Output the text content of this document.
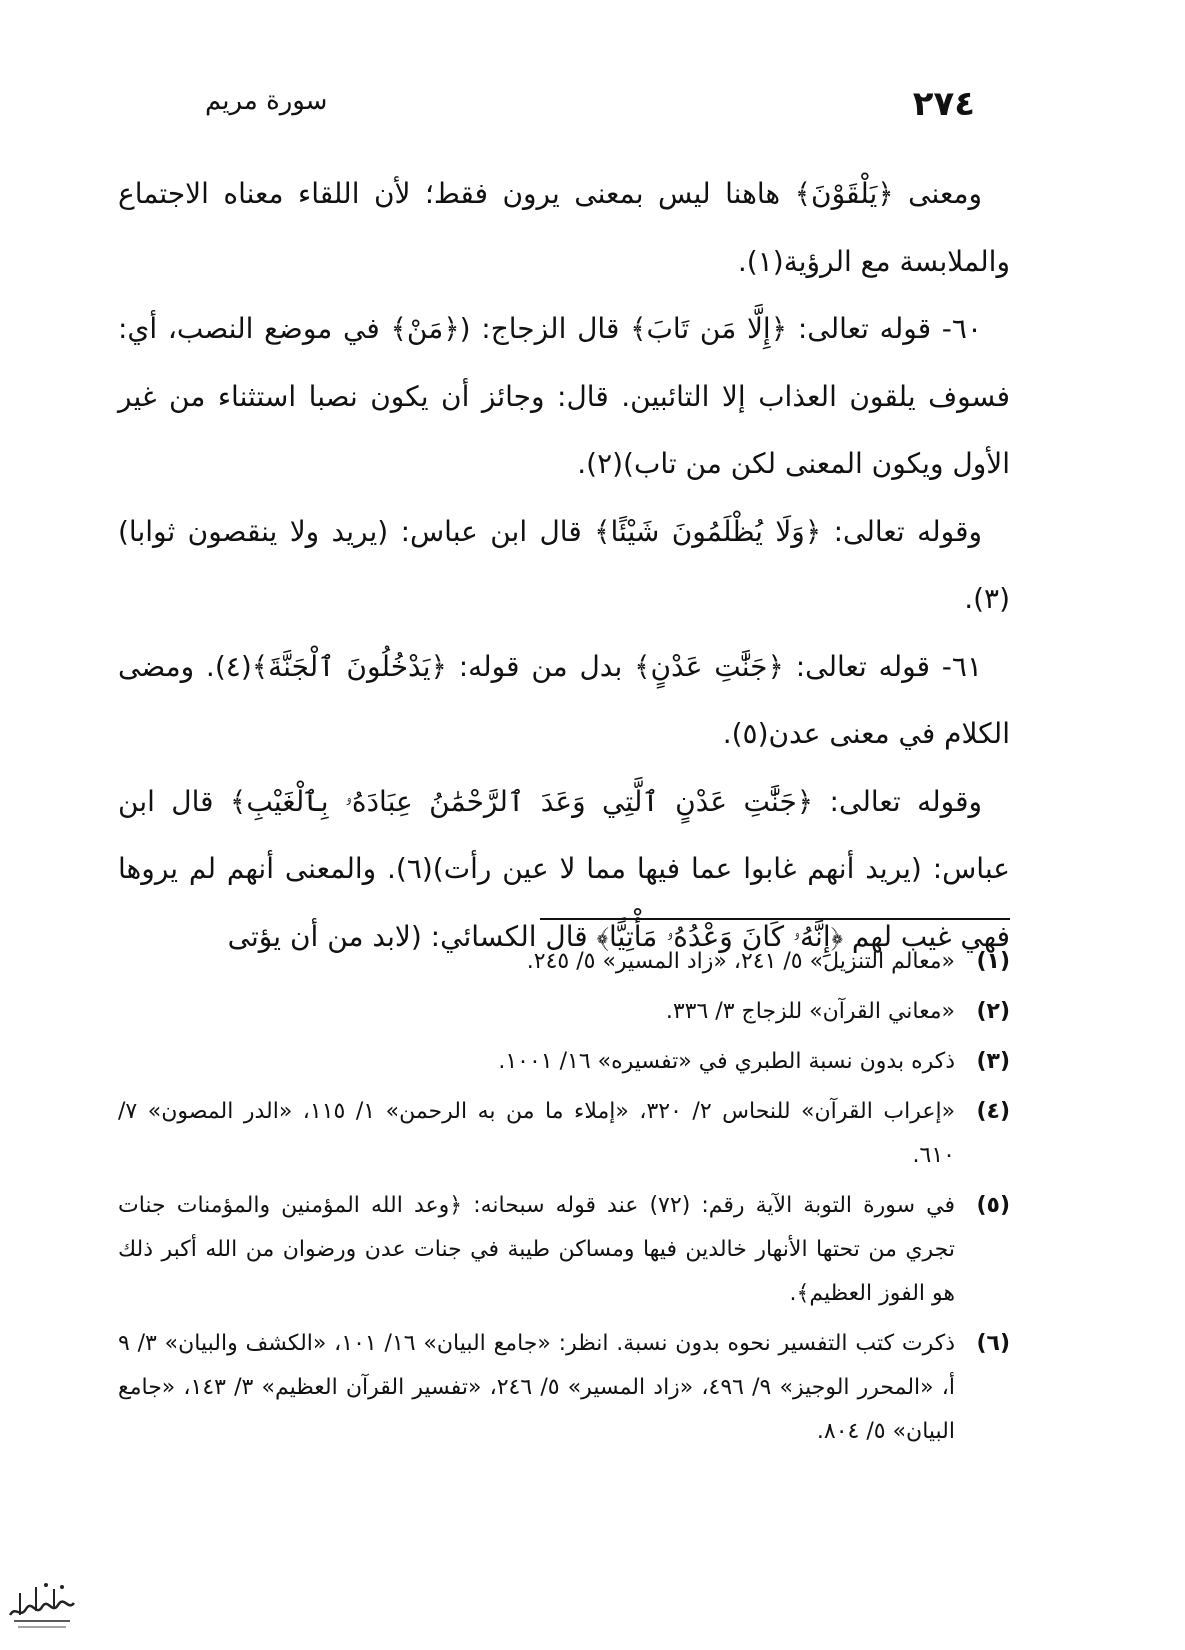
٢٧٤
سورة مريم

ومعنى ﴿يَلْقَوْنَ﴾ هاهنا ليس بمعنى يرون فقط؛ لأن اللقاء معناه الاجتماع والملابسة مع الرؤية(١).

٦٠- قوله تعالى: ﴿إِلَّا مَن تَابَ﴾ قال الزجاج: (﴿مَنْ﴾ في موضع النصب، أي: فسوف يلقون العذاب إلا التائبين. قال: وجائز أن يكون نصبا استثناء من غير الأول ويكون المعنى لكن من تاب)(٢).

وقوله تعالى: ﴿وَلَا يُظْلَمُونَ شَيْئًا﴾ قال ابن عباس: (يريد ولا ينقصون ثوابا)(٣).

٦١- قوله تعالى: ﴿جَنَّٰتِ عَدْنٍ﴾ بدل من قوله: ﴿يَدْخُلُونَ ٱلْجَنَّةَ﴾(٤). ومضى الكلام في معنى عدن(٥).

وقوله تعالى: ﴿جَنَّٰتِ عَدْنٍ ٱلَّتِي وَعَدَ ٱلرَّحْمَٰنُ عِبَادَهُۥ بِٱلْغَيْبِ﴾ قال ابن عباس: (يريد أنهم غابوا عما فيها مما لا عين رأت)(٦). والمعنى أنهم لم يروها فهي غيب لهم ﴿إِنَّهُۥ كَانَ وَعْدُهُۥ مَأْتِيًّا﴾ قال الكسائي: (لابد من أن يؤتى

(١)
«معالم التنزيل» ٥/ ٢٤١، «زاد المسير» ٥/ ٢٤٥.
(٢)
«معاني القرآن» للزجاج ٣/ ٣٣٦.
(٣)
ذكره بدون نسبة الطبري في «تفسيره» ١٦/ ١٠٠١.
(٤)
«إعراب القرآن» للنحاس ٢/ ٣٢٠، «إملاء ما من به الرحمن» ١/ ١١٥، «الدر المصون» ٧/ ٦١٠.
(٥)
في سورة التوبة الآية رقم: (٧٢) عند قوله سبحانه: ﴿وعد الله المؤمنين والمؤمنات جنات تجري من تحتها الأنهار خالدين فيها ومساكن طيبة في جنات عدن ورضوان من الله أكبر ذلك هو الفوز العظيم﴾.
(٦)
ذكرت كتب التفسير نحوه بدون نسبة. انظر: «جامع البيان» ١٦/ ١٠١، «الكشف والبيان» ٣/ ٩ أ، «المحرر الوجيز» ٩/ ٤٩٦، «زاد المسير» ٥/ ٢٤٦، «تفسير القرآن العظيم» ٣/ ١٤٣، «جامع البيان» ٥/ ٨٠٤.
